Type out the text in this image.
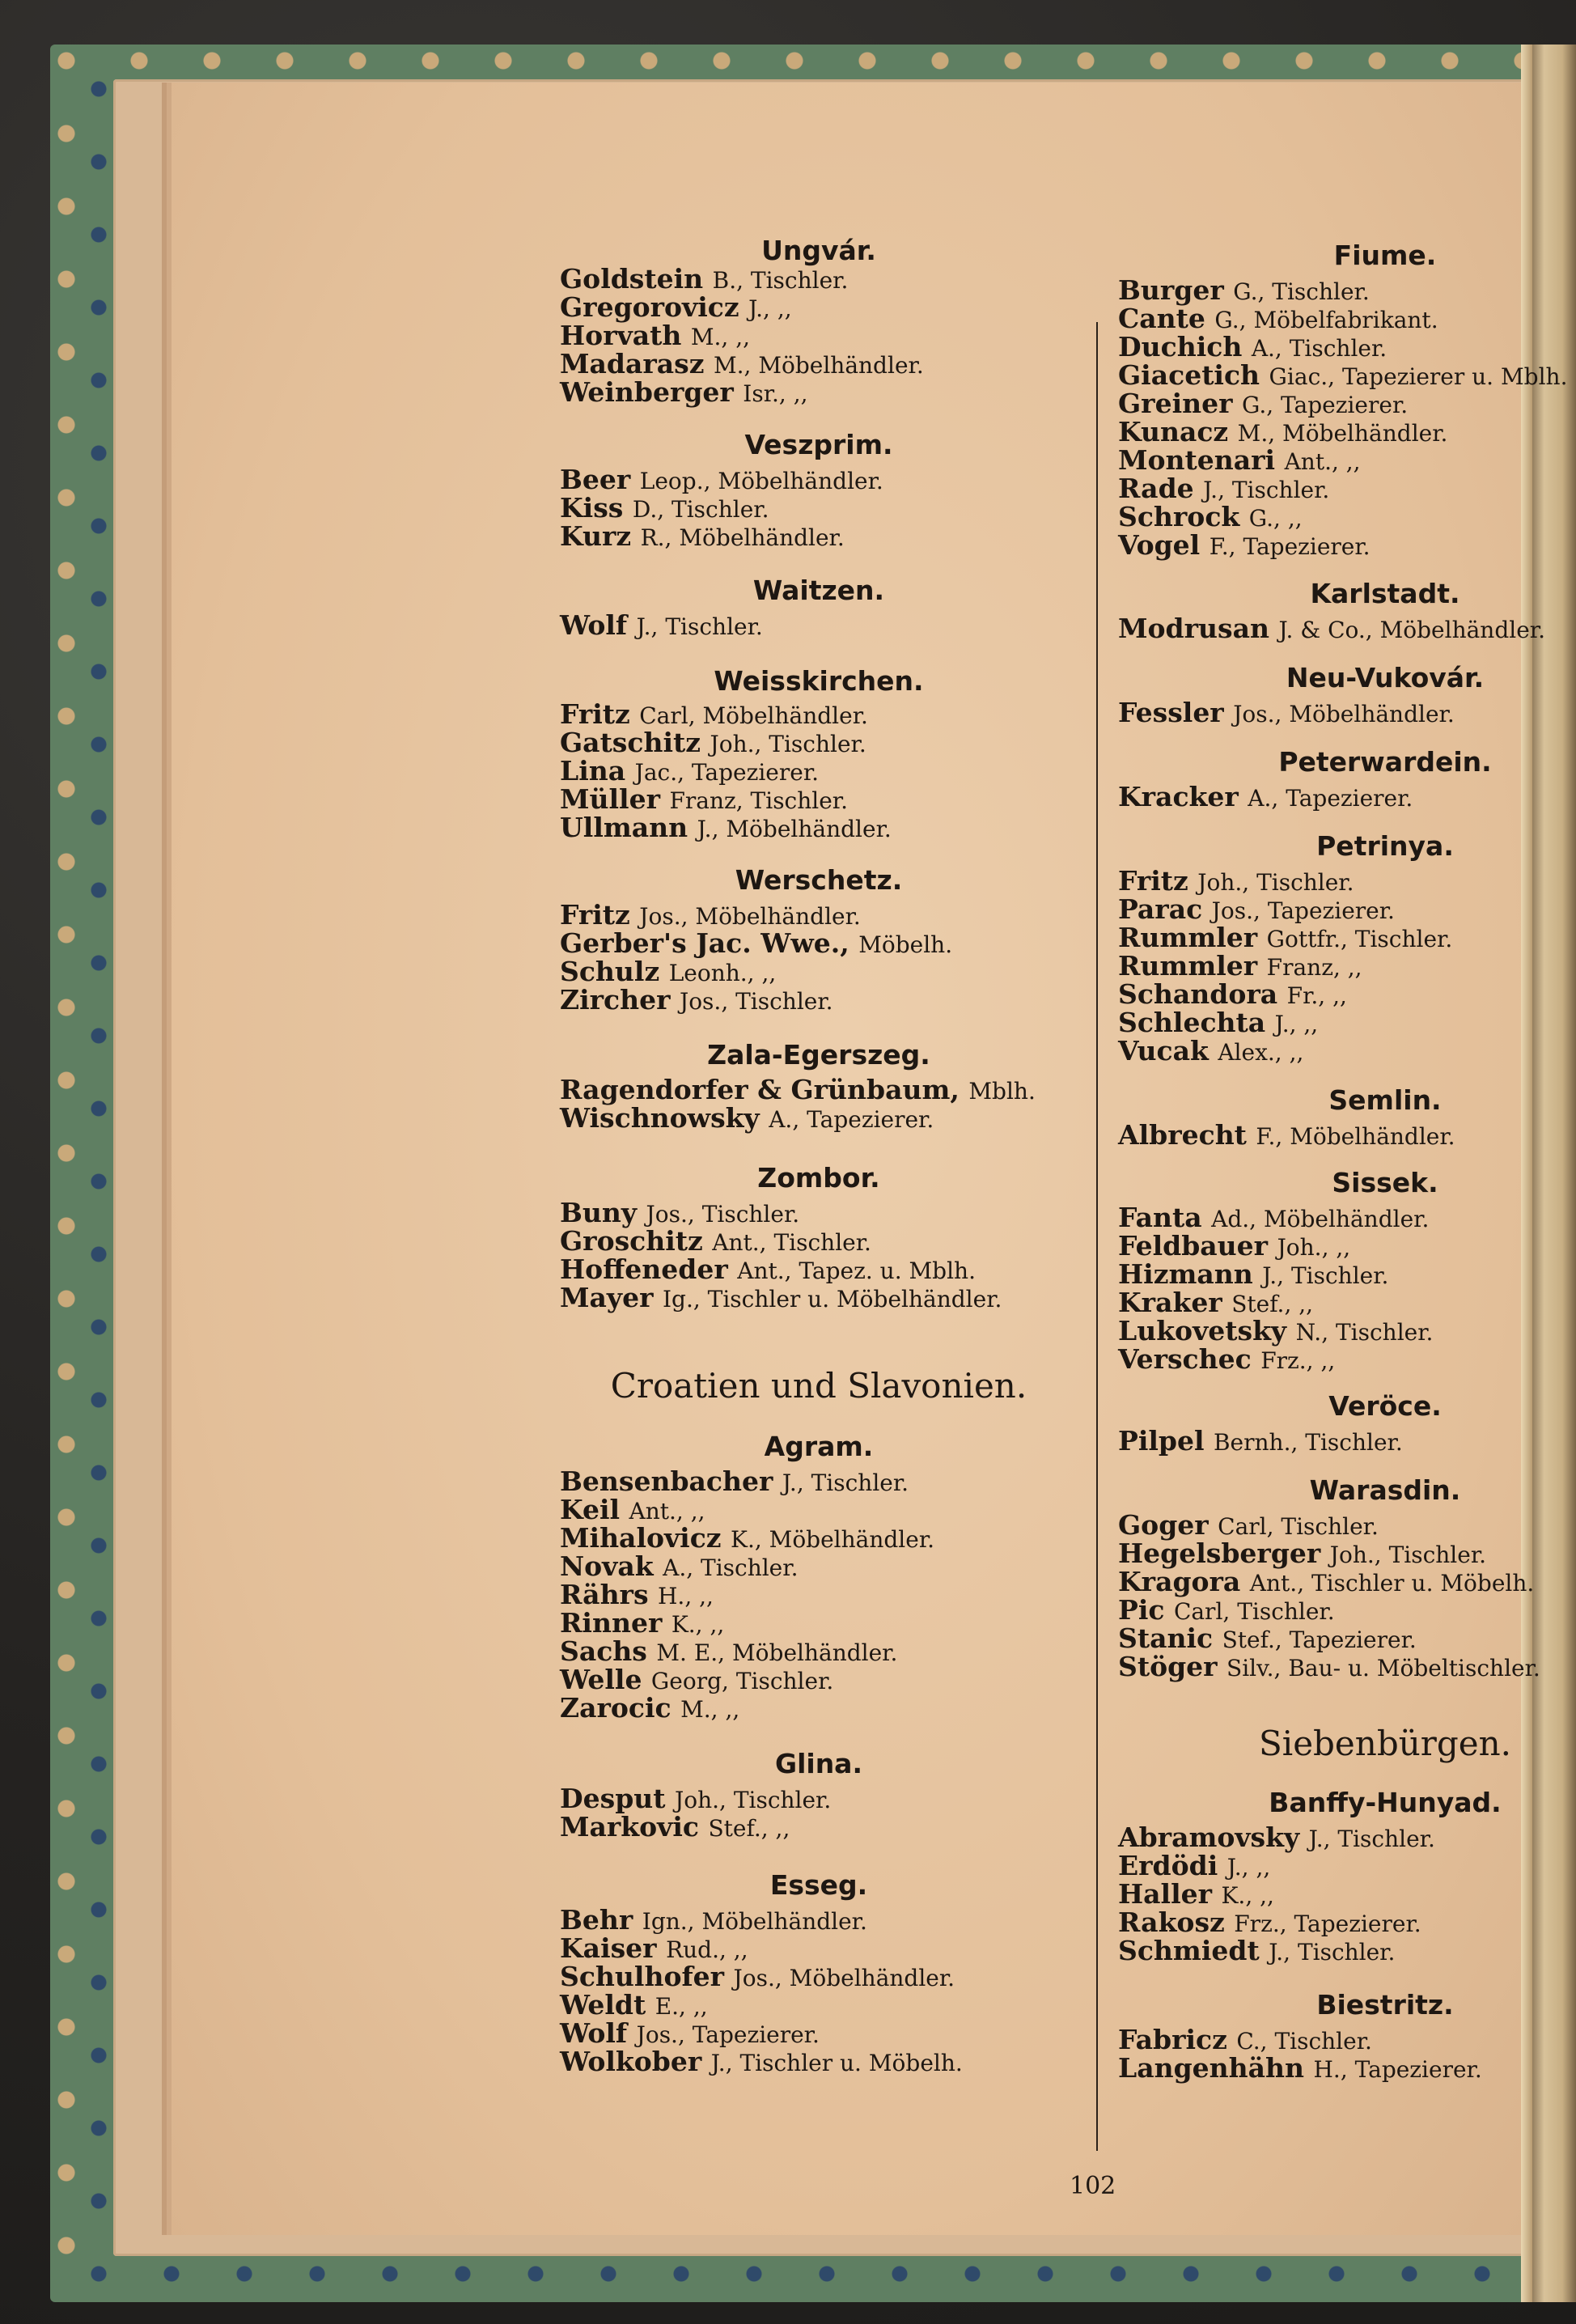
Ungvár.
Goldstein B., Tischler.
Gregorovicz J., ,,
Horvath M., ,,
Madarasz M., Möbelhändler.
Weinberger Isr., ,,
Veszprim.
Beer Leop., Möbelhändler.
Kiss D., Tischler.
Kurz R., Möbelhändler.
Waitzen.
Wolf J., Tischler.
Weisskirchen.
Fritz Carl, Möbelhändler.
Gatschitz Joh., Tischler.
Lina Jac., Tapezierer.
Müller Franz, Tischler.
Ullmann J., Möbelhändler.
Werschetz.
Fritz Jos., Möbelhändler.
Gerber's Jac. Wwe., Möbelh.
Schulz Leonh., ,,
Zircher Jos., Tischler.
Zala-Egerszeg.
Ragendorfer & Grünbaum, Mblh.
Wischnowsky A., Tapezierer.
Zombor.
Buny Jos., Tischler.
Groschitz Ant., Tischler.
Hoffeneder Ant., Tapez. u. Mblh.
Mayer Ig., Tischler u. Möbelhändler.
Croatien und Slavonien.
Agram.
Bensenbacher J., Tischler.
Keil Ant., ,,
Mihalovicz K., Möbelhändler.
Novak A., Tischler.
Rährs H., ,,
Rinner K., ,,
Sachs M. E., Möbelhändler.
Welle Georg, Tischler.
Zarocic M., ,,
Glina.
Desput Joh., Tischler.
Markovic Stef., ,,
Esseg.
Behr Ign., Möbelhändler.
Kaiser Rud., ,,
Schulhofer Jos., Möbelhändler.
Weldt E., ,,
Wolf Jos., Tapezierer.
Wolkober J., Tischler u. Möbelh.
Fiume.
Burger G., Tischler.
Cante G., Möbelfabrikant.
Duchich A., Tischler.
Giacetich Giac., Tapezierer u. Mblh.
Greiner G., Tapezierer.
Kunacz M., Möbelhändler.
Montenari Ant., ,,
Rade J., Tischler.
Schrock G., ,,
Vogel F., Tapezierer.
Karlstadt.
Modrusan J. & Co., Möbelhändler.
Neu-Vukovár.
Fessler Jos., Möbelhändler.
Peterwardein.
Kracker A., Tapezierer.
Petrinya.
Fritz Joh., Tischler.
Parac Jos., Tapezierer.
Rummler Gottfr., Tischler.
Rummler Franz, ,,
Schandora Fr., ,,
Schlechta J., ,,
Vucak Alex., ,,
Semlin.
Albrecht F., Möbelhändler.
Sissek.
Fanta Ad., Möbelhändler.
Feldbauer Joh., ,,
Hizmann J., Tischler.
Kraker Stef., ,,
Lukovetsky N., Tischler.
Verschec Frz., ,,
Veröce.
Pilpel Bernh., Tischler.
Warasdin.
Goger Carl, Tischler.
Hegelsberger Joh., Tischler.
Kragora Ant., Tischler u. Möbelh.
Pic Carl, Tischler.
Stanic Stef., Tapezierer.
Stöger Silv., Bau- u. Möbeltischler.
Siebenbürgen.
Banffy-Hunyad.
Abramovsky J., Tischler.
Erdödi J., ,,
Haller K., ,,
Rakosz Frz., Tapezierer.
Schmiedt J., Tischler.
Biestritz.
Fabricz C., Tischler.
Langenhähn H., Tapezierer.
102
